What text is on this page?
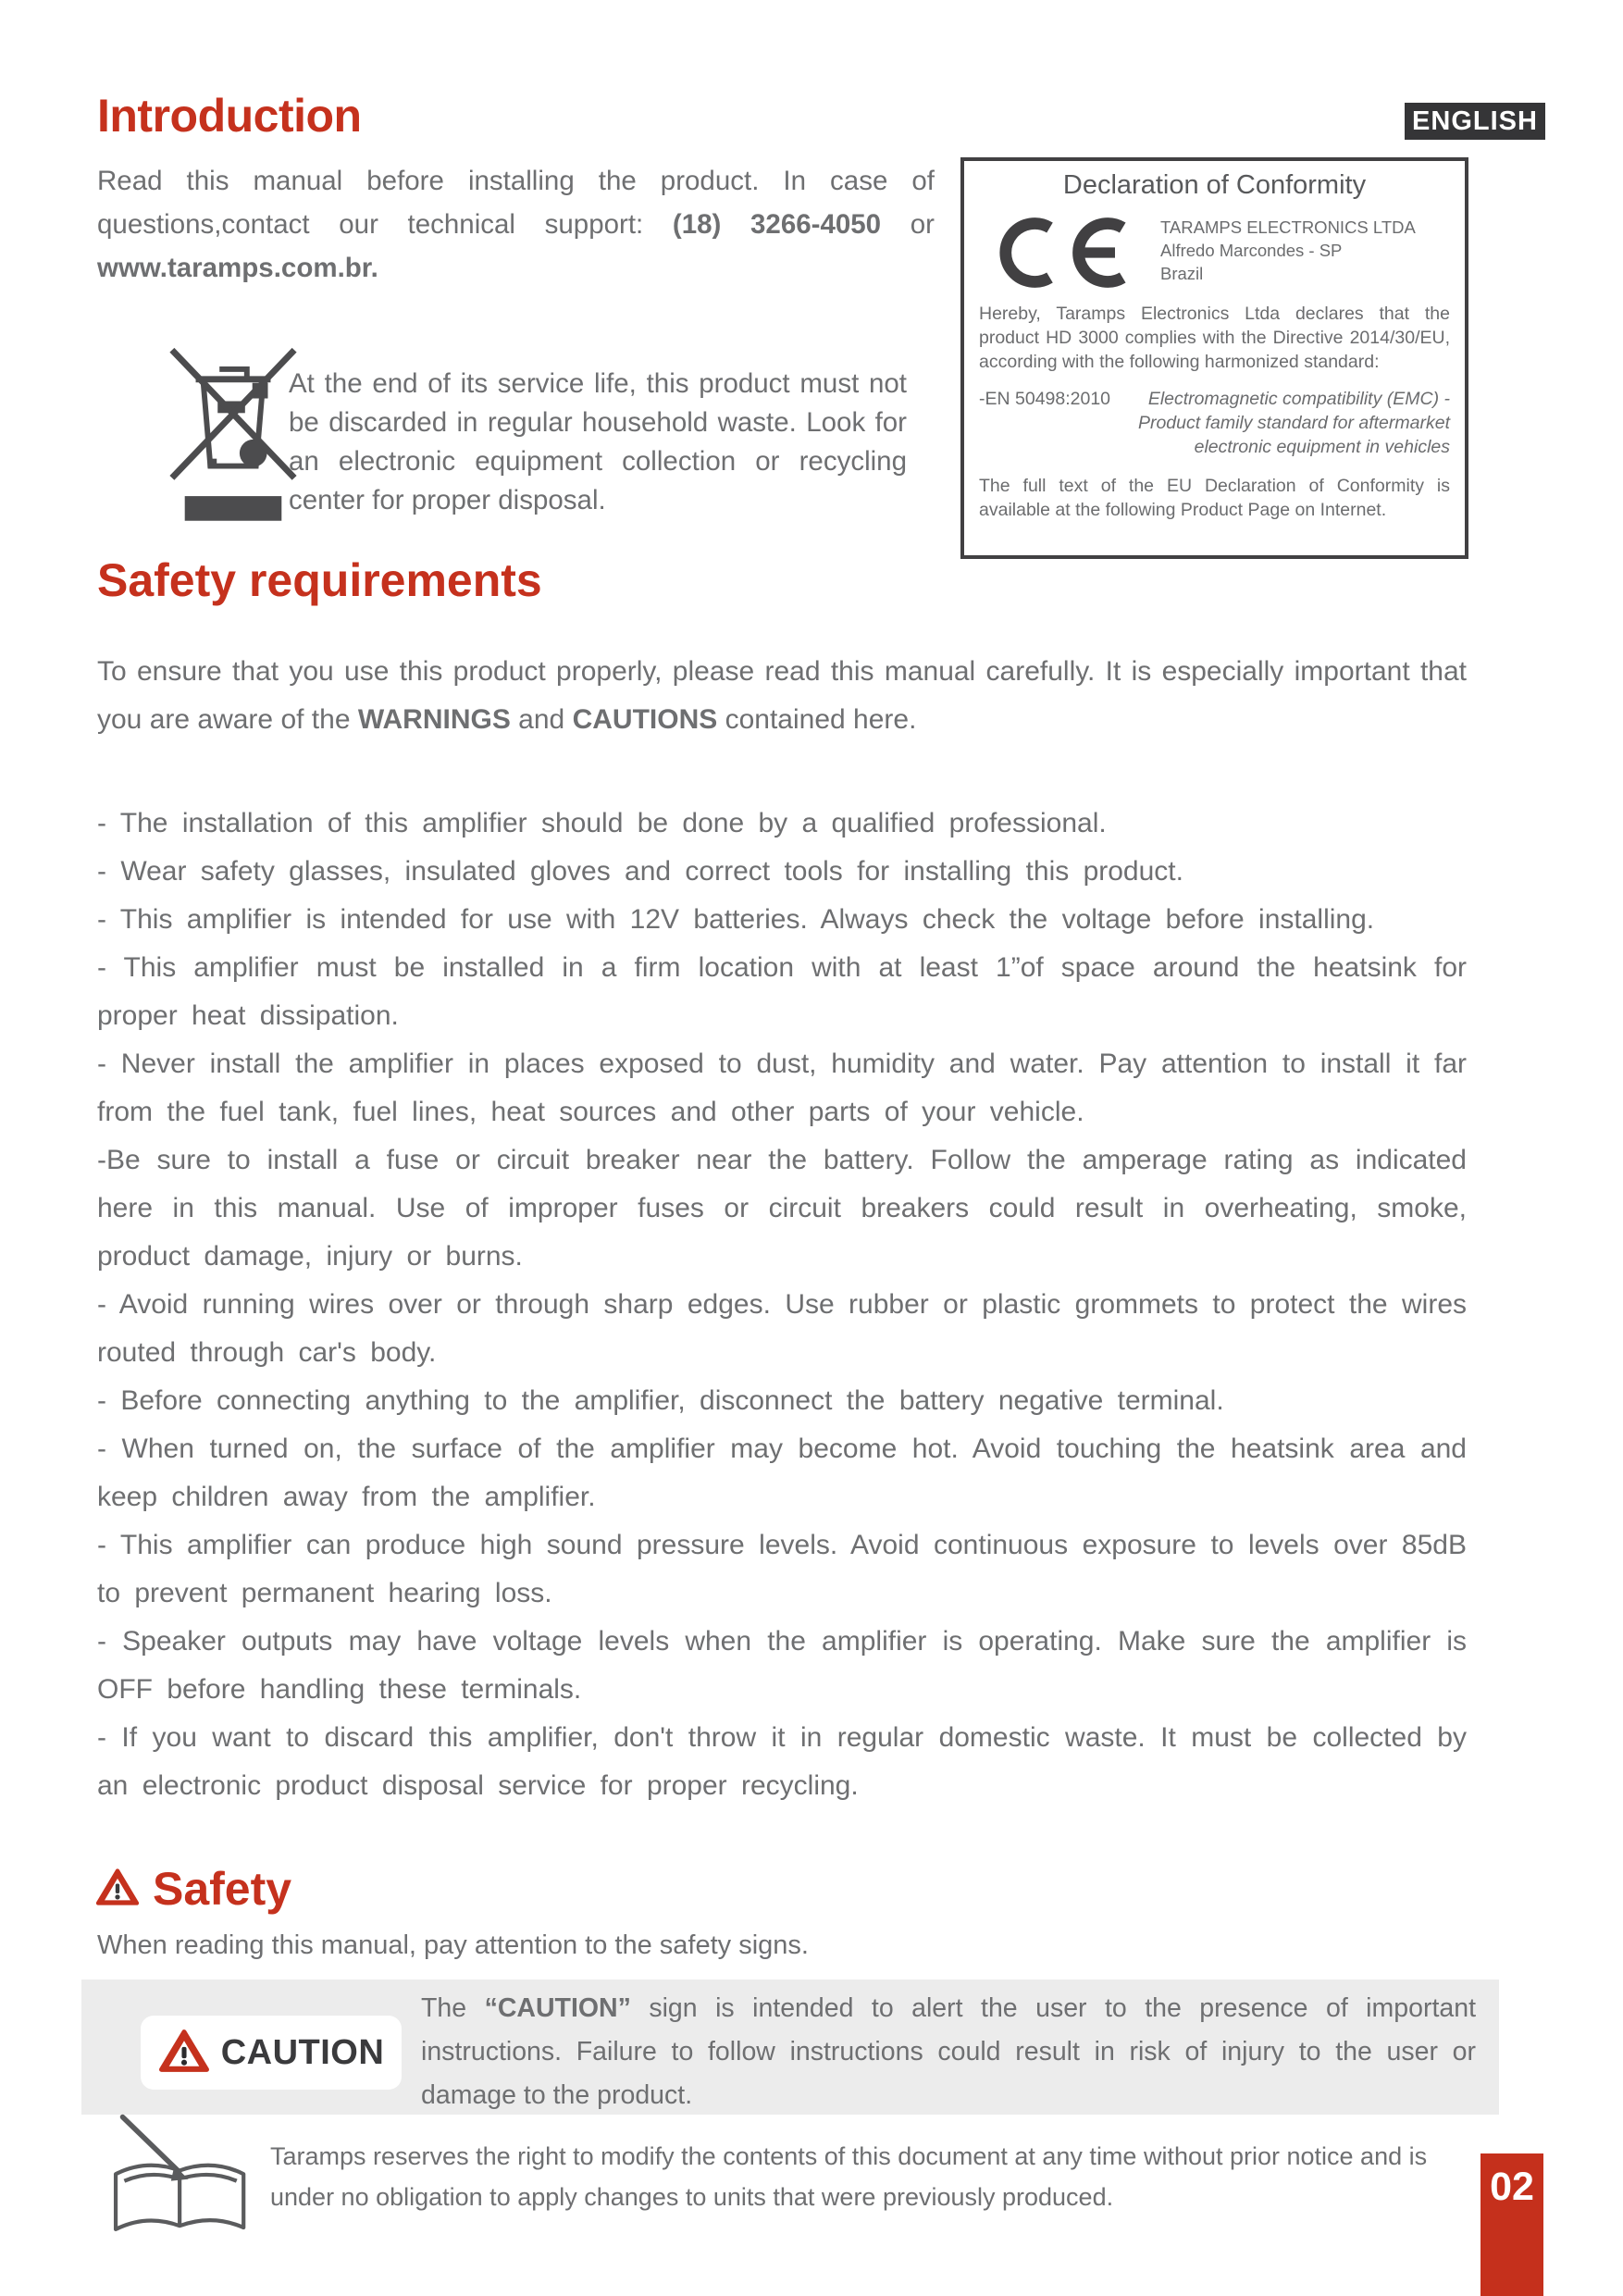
Introduction	ENGLISH

Read this manual before installing the product. In case of questions,contact our technical support: (18) 3266-4050 or www.taramps.com.br.

Declaration of Conformity
TARAMPS ELECTRONICS LTDA
Alfredo Marcondes - SP
Brazil

Hereby, Taramps Electronics Ltda declares that the product HD 3000 complies with the Directive 2014/30/EU, according with the following harmonized standard:

-EN 50498:2010 Electromagnetic compatibility (EMC) -
Product family standard for aftermarket
electronic equipment in vehicles

The full text of the EU Declaration of Conformity is available at the following Product Page on Internet.

At the end of its service life, this product must not be discarded in regular household waste. Look for an electronic equipment collection or recycling center for proper disposal.

Safety requirements

To ensure that you use this product properly, please read this manual carefully. It is especially important that you are aware of the WARNINGS and CAUTIONS contained here.

- The installation of this amplifier should be done by a qualified professional.

- Wear safety glasses, insulated gloves and correct tools for installing this product.

- This amplifier is intended for use with 12V batteries. Always check the voltage before installing.

- This amplifier must be installed in a firm location with at least 1”of space around the heatsink for proper heat dissipation.

- Never install the amplifier in places exposed to dust, humidity and water. Pay attention to install it far from the fuel tank, fuel lines, heat sources and other parts of your vehicle.

-Be sure to install a fuse or circuit breaker near the battery. Follow the amperage rating as indicated here in this manual. Use of improper fuses or circuit breakers could result in overheating, smoke, product damage, injury or burns.

- Avoid running wires over or through sharp edges. Use rubber or plastic grommets to protect the wires routed through car's body.

- Before connecting anything to the amplifier, disconnect the battery negative terminal.

- When turned on, the surface of the amplifier may become hot. Avoid touching the heatsink area and keep children away from the amplifier.

- This amplifier can produce high sound pressure levels. Avoid continuous exposure to levels over 85dB to prevent permanent hearing loss.

- Speaker outputs may have voltage levels when the amplifier is operating. Make sure the amplifier is OFF before handling these terminals.

- If you want to discard this amplifier, don't throw it in regular domestic waste. It must be collected by an electronic product disposal service for proper recycling.

Safety
When reading this manual, pay attention to the safety signs.
CAUTION

The “CAUTION” sign is intended to alert the user to the presence of important instructions. Failure to follow instructions could result in risk of injury to the user or damage to the product.

Taramps reserves the right to modify the contents of this document at any time without prior notice and is
under no obligation to apply changes to units that were previously produced.	02
